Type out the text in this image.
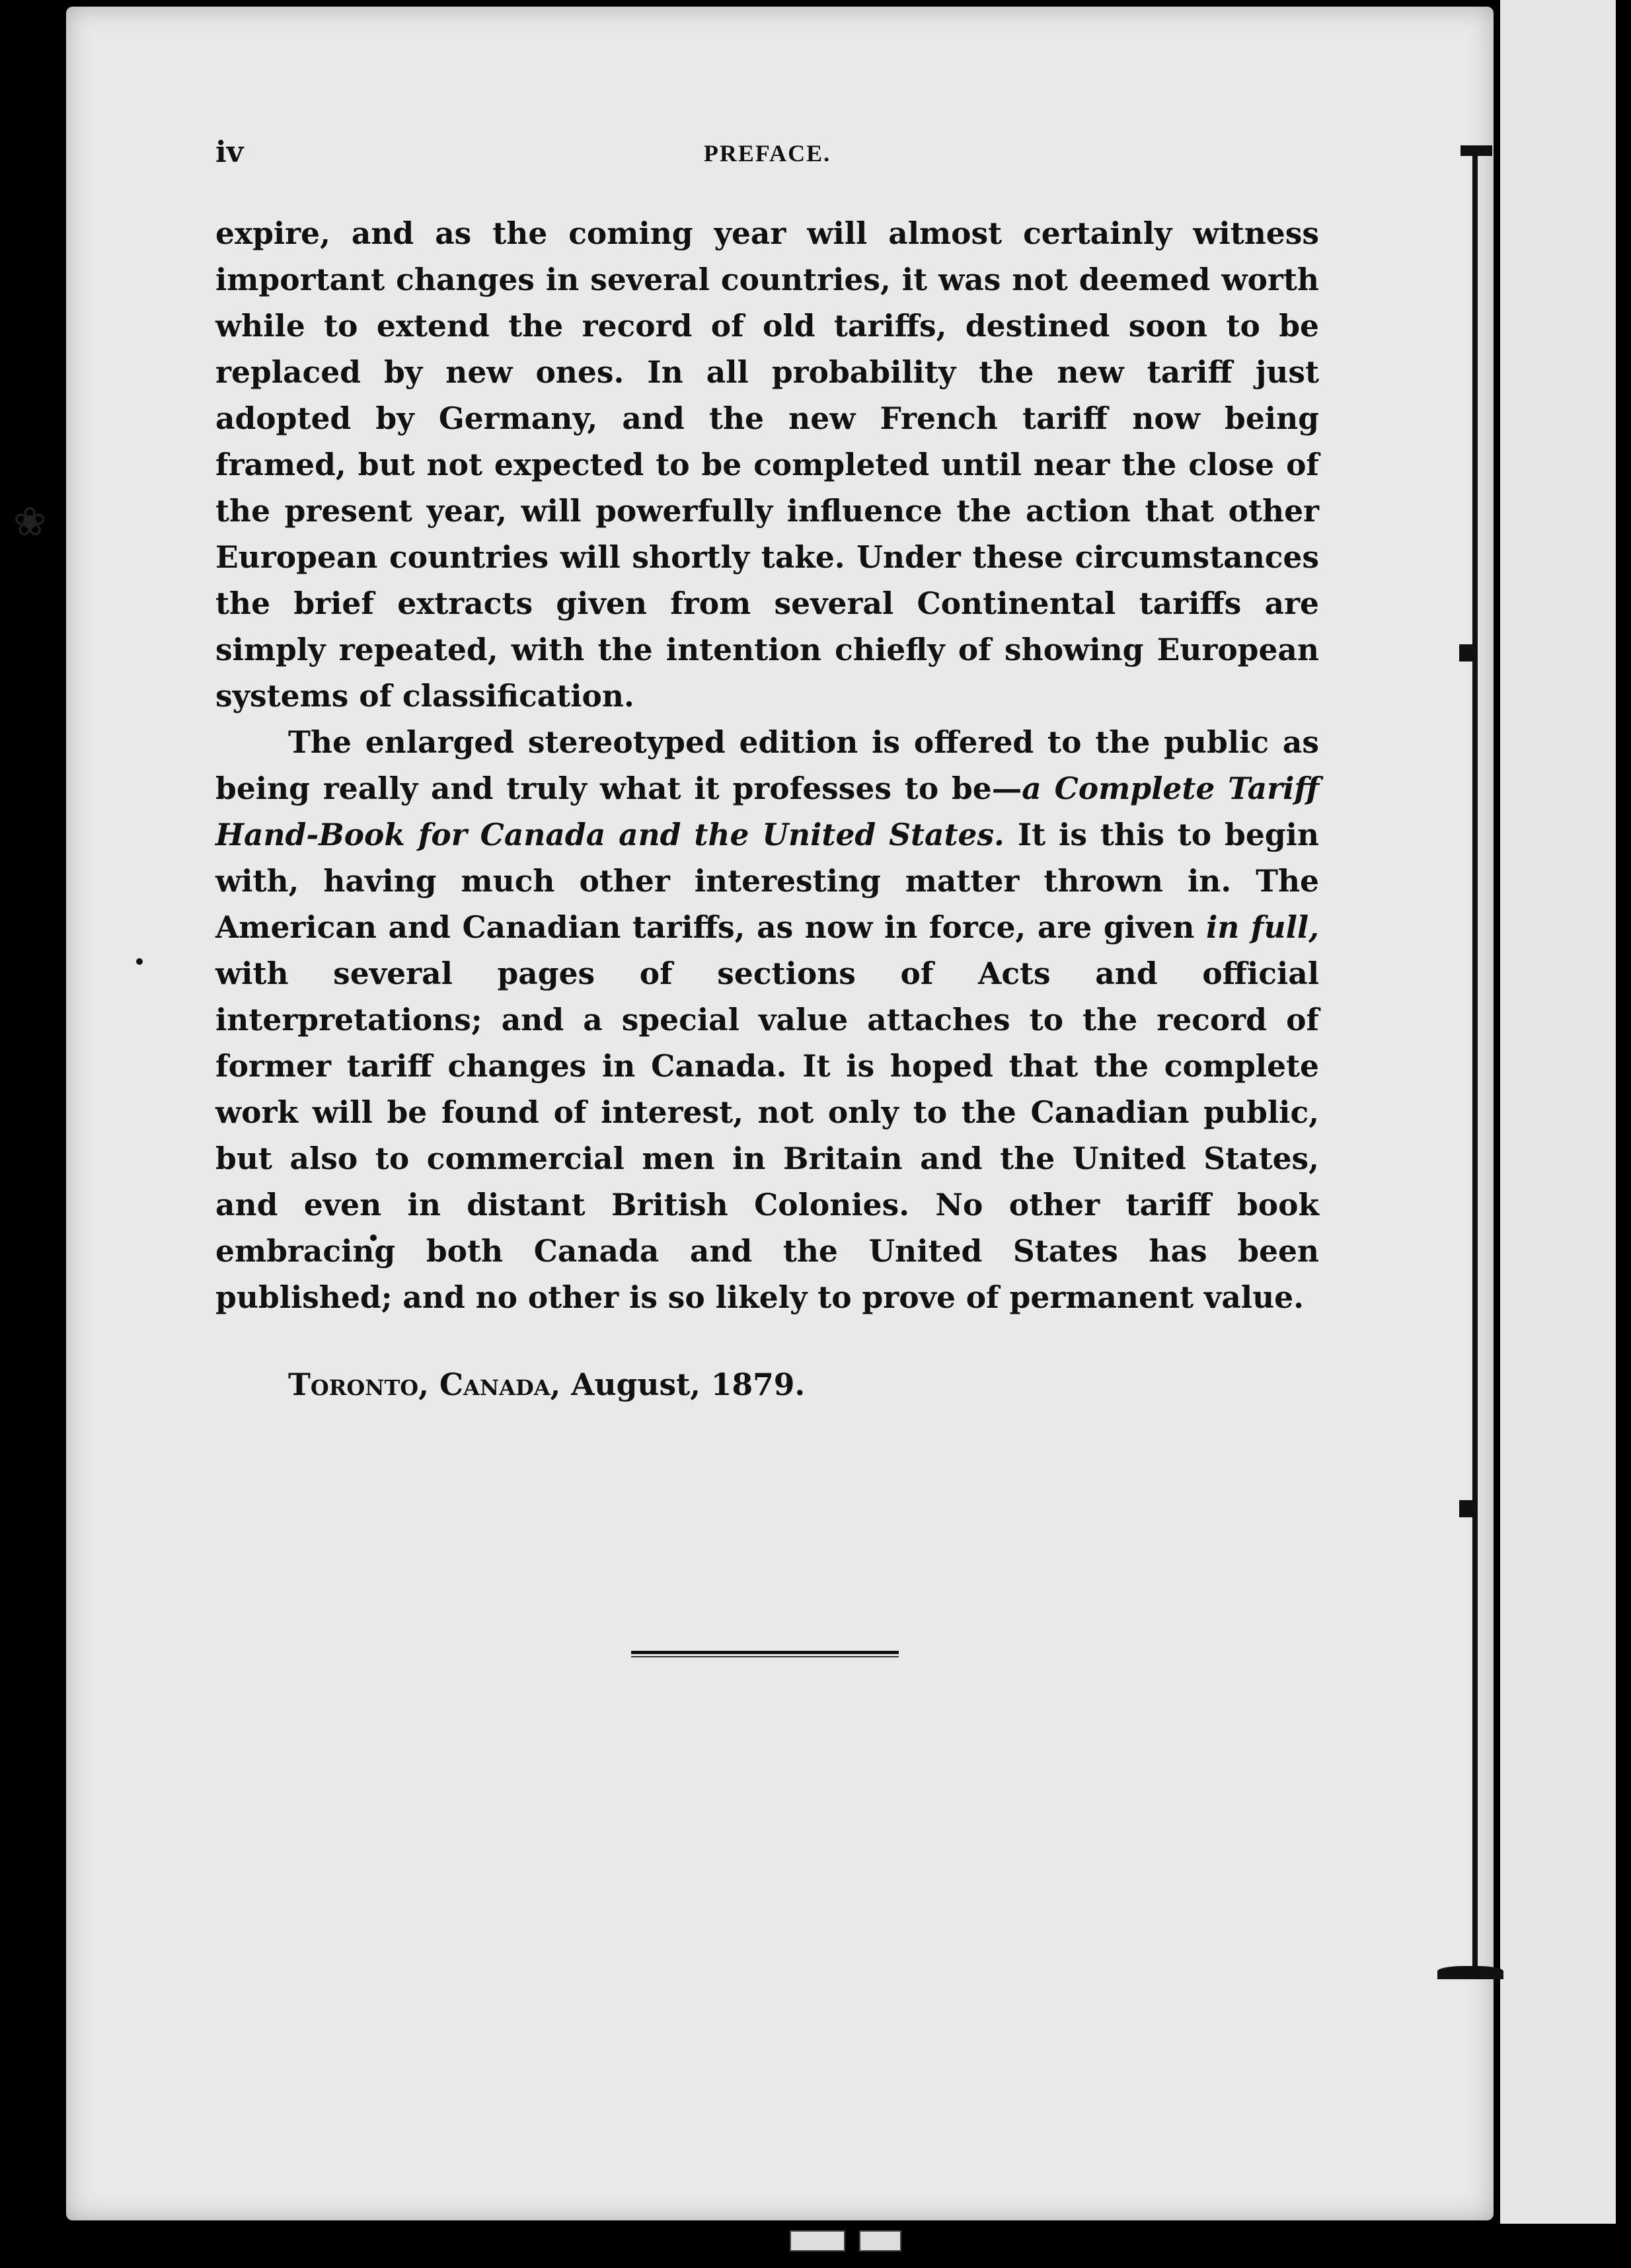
❀
iv	PREFACE.

expire, and as the coming year will almost certainly witness important changes in several countries, it was not deemed worth while to extend the record of old tariffs, destined soon to be replaced by new ones. In all probability the new tariff just adopted by Germany, and the new French tariff now being framed, but not expected to be completed until near the close of the present year, will powerfully influence the action that other European countries will shortly take. Under these circumstances the brief extracts given from several Continental tariffs are simply repeated, with the intention chiefly of showing European systems of classification.

The enlarged stereotyped edition is offered to the public as being really and truly what it professes to be—a Complete Tariff Hand-Book for Canada and the United States. It is this to begin with, having much other interesting matter thrown in. The American and Canadian tariffs, as now in force, are given in full, with several pages of sections of Acts and official interpretations; and a special value attaches to the record of former tariff changes in Canada. It is hoped that the complete work will be found of interest, not only to the Canadian public, but also to commercial men in Britain and the United States, and even in distant British Colonies. No other tariff book embracing both Canada and the United States has been published; and no other is so likely to prove of permanent value.

Toronto, Canada, August, 1879.
